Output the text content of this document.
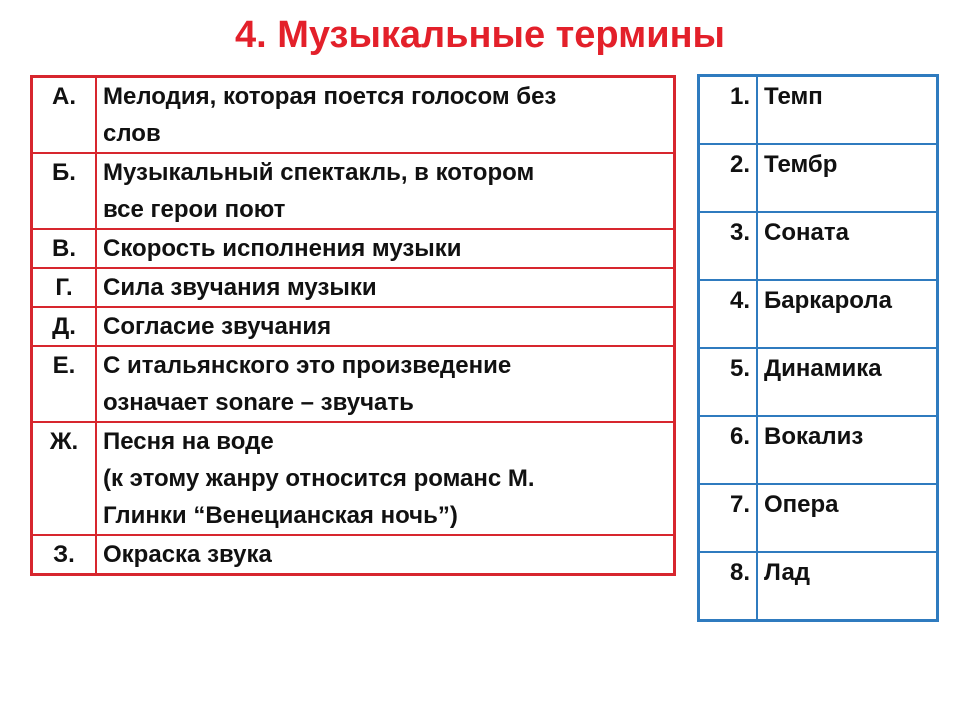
4. Музыкальные термины
А.	Мелодия, которая поется голосом без
слов

Б.	Музыкальный спектакль, в котором
все герои поют

В.	Скорость исполнения музыки

Г.	Сила звучания музыки

Д.	Согласие звучания

Е.	С итальянского это произведение
означает sonare – звучать

Ж.	Песня на воде
(к этому жанру относится романс М.
Глинки “Венецианская ночь”)

З.	Окраска звука
1.	Темп
2.	Тембр
3.	Соната
4.	Баркарола
5.	Динамика
6.	Вокализ
7.	Опера
8.	Лад
